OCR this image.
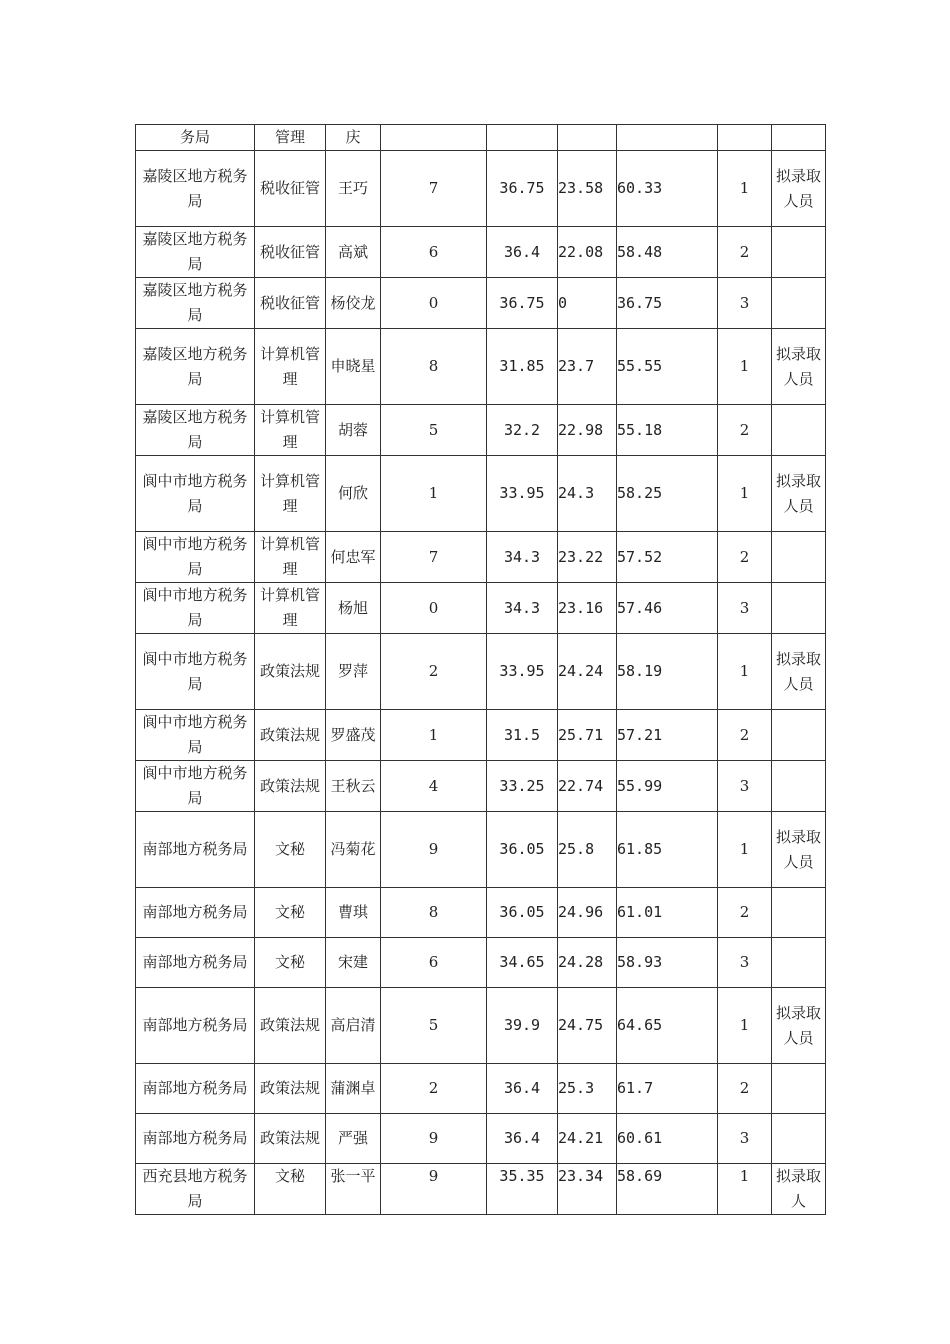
务局	管理	庆						
嘉陵区地方税务局	税收征管	王巧	7	36.75	23.58	60.33	1	拟录取人员
嘉陵区地方税务局	税收征管	高斌	6	36.4	22.08	58.48	2	
嘉陵区地方税务局	税收征管	杨佼龙	0	36.75	0	36.75	3	
嘉陵区地方税务局	计算机管理	申晓星	8	31.85	23.7	55.55	1	拟录取人员
嘉陵区地方税务局	计算机管理	胡蓉	5	32.2	22.98	55.18	2	
阆中市地方税务局	计算机管理	何欣	1	33.95	24.3	58.25	1	拟录取人员
阆中市地方税务局	计算机管理	何忠军	7	34.3	23.22	57.52	2	
阆中市地方税务局	计算机管理	杨旭	0	34.3	23.16	57.46	3	
阆中市地方税务局	政策法规	罗萍	2	33.95	24.24	58.19	1	拟录取人员
阆中市地方税务局	政策法规	罗盛茂	1	31.5	25.71	57.21	2	
阆中市地方税务局	政策法规	王秋云	4	33.25	22.74	55.99	3	
南部地方税务局	文秘	冯菊花	9	36.05	25.8	61.85	1	拟录取人员
南部地方税务局	文秘	曹琪	8	36.05	24.96	61.01	2	
南部地方税务局	文秘	宋建	6	34.65	24.28	58.93	3	
南部地方税务局	政策法规	高启清	5	39.9	24.75	64.65	1	拟录取人员
南部地方税务局	政策法规	蒲渊卓	2	36.4	25.3	61.7	2	
南部地方税务局	政策法规	严强	9	36.4	24.21	60.61	3	
西充县地方税务局	文秘	张一平	9	35.35	23.34	58.69	1	拟录取人
